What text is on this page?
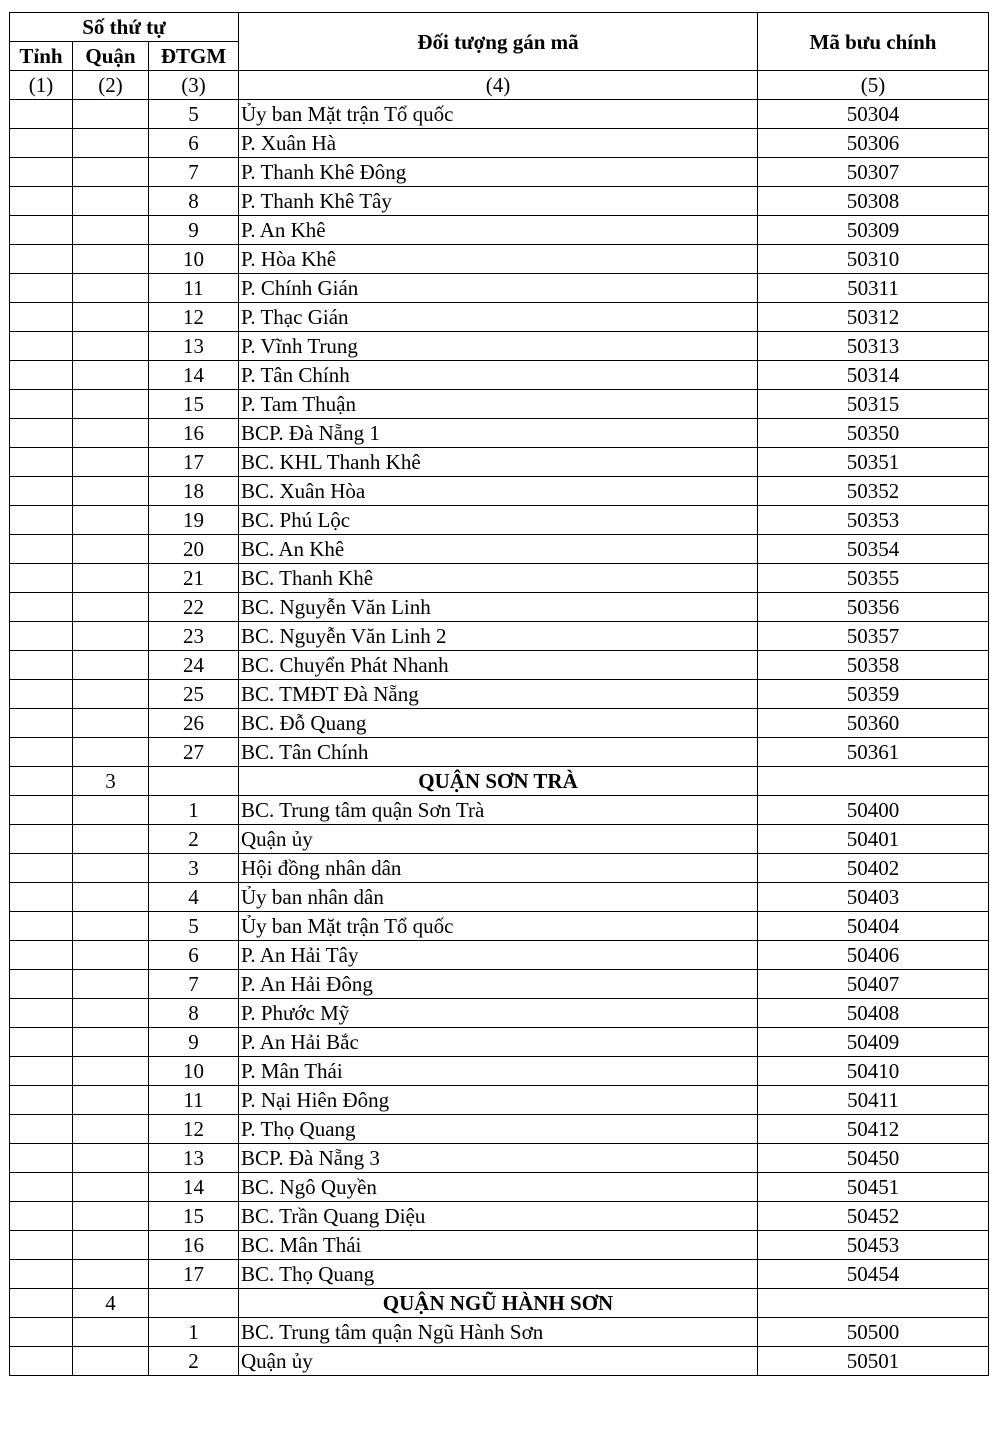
Số thứ tự			Đối tượng gán mã	Mã bưu chính
Tỉnh	Quận	ĐTGM		
(1)	(2)	(3)	(4)	(5)
		5	Ủy ban Mặt trận Tổ quốc	50304
		6	P. Xuân Hà	50306
		7	P. Thanh Khê Đông	50307
		8	P. Thanh Khê Tây	50308
		9	P. An Khê	50309
		10	P. Hòa Khê	50310
		11	P. Chính Gián	50311
		12	P. Thạc Gián	50312
		13	P. Vĩnh Trung	50313
		14	P. Tân Chính	50314
		15	P. Tam Thuận	50315
		16	BCP. Đà Nẵng 1	50350
		17	BC. KHL Thanh Khê	50351
		18	BC. Xuân Hòa	50352
		19	BC. Phú Lộc	50353
		20	BC. An Khê	50354
		21	BC. Thanh Khê	50355
		22	BC. Nguyễn Văn Linh	50356
		23	BC. Nguyễn Văn Linh 2	50357
		24	BC. Chuyển Phát Nhanh	50358
		25	BC. TMĐT Đà Nẵng	50359
		26	BC. Đỗ Quang	50360
		27	BC. Tân Chính	50361
	3		QUẬN SƠN TRÀ	
		1	BC. Trung tâm quận Sơn Trà	50400
		2	Quận ủy	50401
		3	Hội đồng nhân dân	50402
		4	Ủy ban nhân dân	50403
		5	Ủy ban Mặt trận Tổ quốc	50404
		6	P. An Hải Tây	50406
		7	P. An Hải Đông	50407
		8	P. Phước Mỹ	50408
		9	P. An Hải Bắc	50409
		10	P. Mân Thái	50410
		11	P. Nại Hiên Đông	50411
		12	P. Thọ Quang	50412
		13	BCP. Đà Nẵng 3	50450
		14	BC. Ngô Quyền	50451
		15	BC. Trần Quang Diệu	50452
		16	BC. Mân Thái	50453
		17	BC. Thọ Quang	50454
	4		QUẬN NGŨ HÀNH SƠN	
		1	BC. Trung tâm quận Ngũ Hành Sơn	50500
		2	Quận ủy	50501
